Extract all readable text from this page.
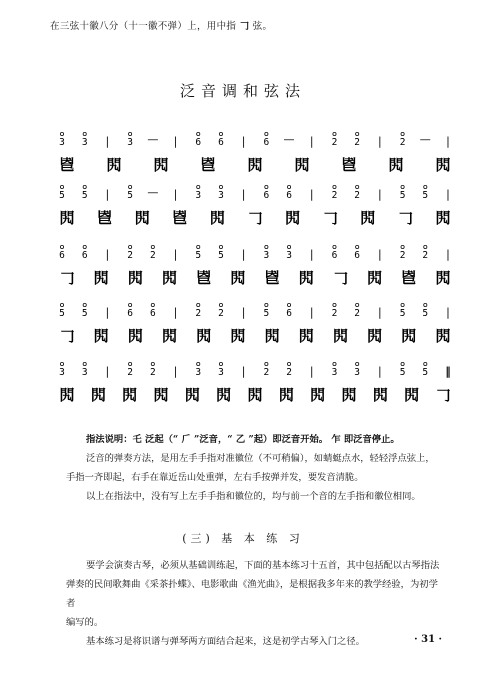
在三弦十徽八分（十一徽不弹）上，用中指 𠃌 弦。
泛音调和弦法
3 3 | 3 — | 6 6 | 6 — | 2 2 | 2 — |
𢀺 𨳊 𨳊 𢀺 𨳊 𨳊 𢀺 𨳊 𨳊
5 5 | 5 — | 3 3 | 6 6 | 2 2 | 5 5 |
𨳊 𢀺 𨳊 𢀺 𨳊 𠃌 𨳊 𠃌 𨳊 𠃌 𨳊
6 6 | 2 2 | 5 5 | 3 3 | 6 6 | 2 2 |
𠃌 𨳊 𨳊 𨳊 𢀺 𨳊 𢀺 𨳊 𠃌 𨳊 𢀺 𨳊
5 5 | 6 6 | 2 2 | 5 6 | 2 2 | 5 5 |
𠃌 𨳊 𨳊 𨳊 𨳊 𨳊 𨳊 𨳊 𨳊 𨳊 𨳊 𨳊
3 3 | 2 2 | 3 3 | 2 2 | 3 3 | 5 5 ‖
𨳊 𨳊 𨳊 𨳊 𨳊 𨳊 𨳊 𨳊 𨳊 𨳊 𨳊 𨳊 𠃌

指法说明：乇 泛起（“ 𠂆 ”泛音，“ 乙 ”起）即泛音开始。 乍 即泛音停止。

泛音的弹奏方法，是用左手手指对准徽位（不可稍偏），如蜻蜓点水，轻轻浮点弦上，

手指一齐即起，右手在靠近岳山处重弹，左右手按弹并发，要发音清脆。

以上在指法中，没有写上左手手指和徽位的，均与前一个音的左手指和徽位相同。

(三) 基 本 练 习

要学会演奏古琴，必须从基础训练起，下面的基本练习十五首，其中包括配以古琴指法

弹奏的民间歌舞曲《采茶扑蝶》、电影歌曲《渔光曲》，是根据我多年来的教学经验，为初学者

编写的。

基本练习是将识谱与弹琴两方面结合起来，这是初学古琴入门之径。	· 31 ·
